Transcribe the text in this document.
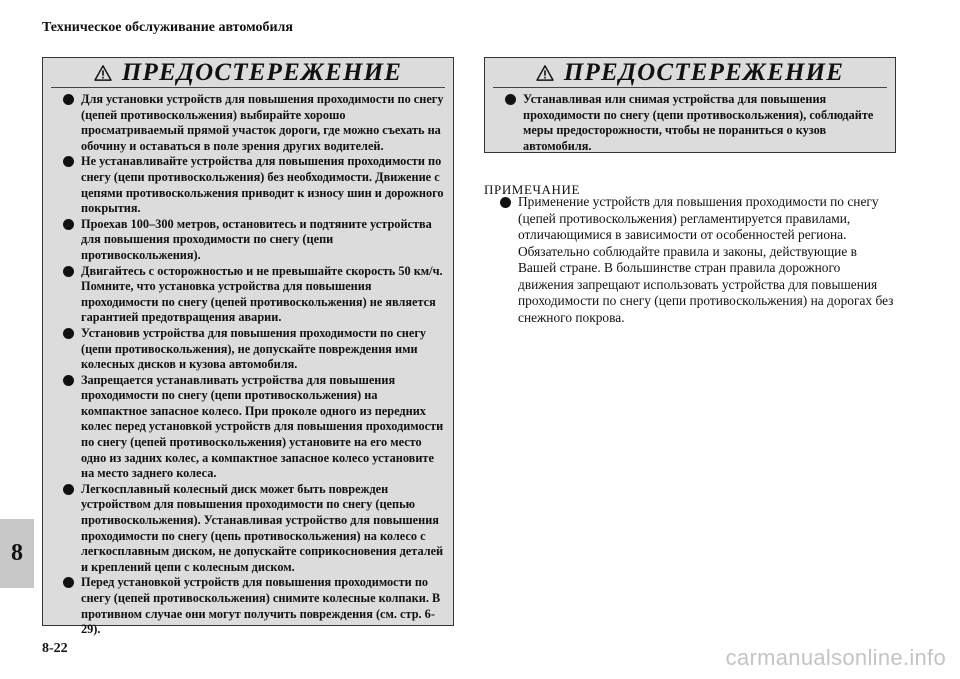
Техническое обслуживание автомобиля
8
8-22
ПРЕДОСТЕРЕЖЕНИЕ
Для установки устройств для повышения проходимости по снегу (цепей противоскольжения) выбирайте хорошо просматриваемый прямой участок дороги, где можно съехать на обочину и оставаться в поле зрения других водителей.
Не устанавливайте устройства для повышения проходимости по снегу (цепи противоскольжения) без необходимости. Движение с цепями противоскольжения приводит к износу шин и дорожного покрытия.
Проехав 100–300 метров, остановитесь и подтяните устройства для повышения проходимости по снегу (цепи противоскольжения).
Двигайтесь с осторожностью и не превышайте скорость 50 км/ч. Помните, что установка устройства для повышения проходимости по снегу (цепей противоскольжения) не является гарантией предотвращения аварии.
Установив устройства для повышения проходимости по снегу (цепи противоскольжения), не допускайте повреждения ими колесных дисков и кузова автомобиля.
Запрещается устанавливать устройства для повышения проходимости по снегу (цепи противоскольжения) на компактное запасное колесо. При проколе одного из передних колес перед установкой устройств для повышения проходимости по снегу (цепей противоскольжения) установите на его место одно из задних колес, а компактное запасное колесо установите на место заднего колеса.
Легкосплавный колесный диск может быть поврежден устройством для повышения проходимости по снегу (цепью противоскольжения). Устанавливая устройство для повышения проходимости по снегу (цепь противоскольжения) на колесо с легкосплавным диском, не допускайте соприкосновения деталей и креплений цепи с колесным диском.
Перед установкой устройств для повышения проходимости по снегу (цепей противоскольжения) снимите колесные колпаки. В противном случае они могут получить повреждения (см. стр. 6-29).
ПРЕДОСТЕРЕЖЕНИЕ
Устанавливая или снимая устройства для повышения проходимости по снегу (цепи противоскольжения), соблюдайте меры предосторожности, чтобы не пораниться о кузов автомобиля.
ПРИМЕЧАНИЕ
Применение устройств для повышения проходимости по снегу (цепей противоскольжения) регламентируется правилами, отличающимися в зависимости от особенностей региона. Обязательно соблюдайте правила и законы, действующие в Вашей стране. В большинстве стран правила дорожного движения запрещают использовать устройства для повышения проходимости по снегу (цепи противоскольжения) на дорогах без снежного покрова.
carmanualsonline.info
